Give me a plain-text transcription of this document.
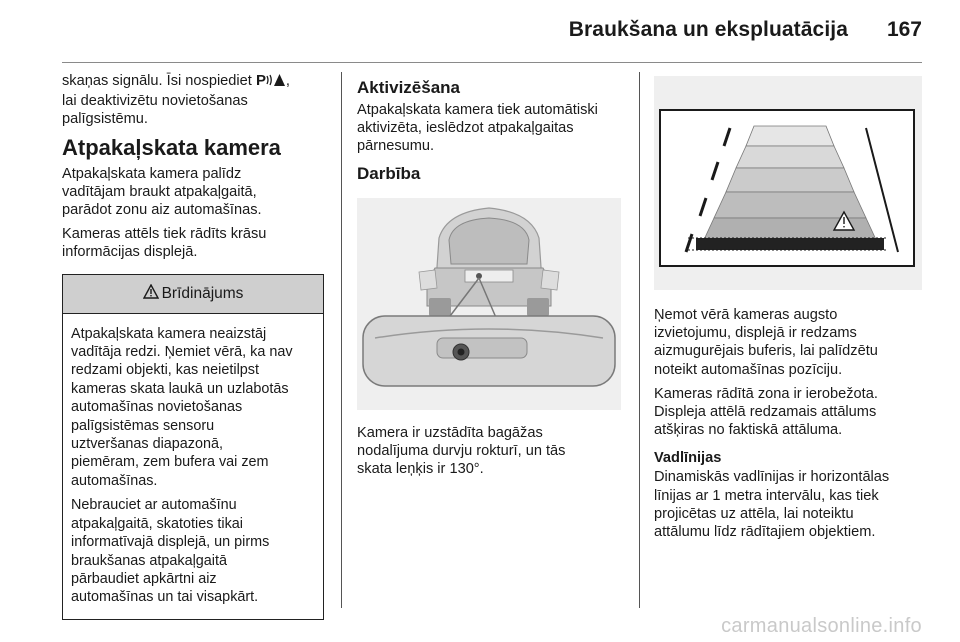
Braukšana un ekspluatācija 167

skaņas signālu. Īsi nospiediet P ,
lai deaktivizētu novietošanas
palīgsistēmu.

Atpakaļskata kamera

Atpakaļskata kamera palīdz
vadītājam braukt atpakaļgaitā,
parādot zonu aiz automašīnas.

Kameras attēls tiek rādīts krāsu
informācijas displejā.

Brīdinājums

Atpakaļskata kamera neaizstāj
vadītāja redzi. Ņemiet vērā, ka nav
redzami objekti, kas neietilpst
kameras skata laukā un uzlabotās
automašīnas novietošanas
palīgsistēmas sensoru
uztveršanas diapazonā,
piemēram, zem bufera vai zem
automašīnas.

Nebrauciet ar automašīnu
atpakaļgaitā, skatoties tikai
informatīvajā displejā, un pirms
braukšanas atpakaļgaitā
pārbaudiet apkārtni aiz
automašīnas un tai visapkārt.

Aktivizēšana

Atpakaļskata kamera tiek automātiski
aktivizēta, ieslēdzot atpakaļgaitas
pārnesumu.

Darbība

Kamera ir uzstādīta bagāžas
nodalījuma durvju rokturī, un tās
skata leņķis ir 130°.

Ņemot vērā kameras augsto
izvietojumu, displejā ir redzams
aizmugurējais buferis, lai palīdzētu
noteikt automašīnas pozīciju.

Kameras rādītā zona ir ierobežota.
Displeja attēlā redzamais attālums
atšķiras no faktiskā attāluma.

Vadlīnijas

Dinamiskās vadlīnijas ir horizontālas
līnijas ar 1 metra intervālu, kas tiek
projicētas uz attēla, lai noteiktu
attālumu līdz rādītajiem objektiem.

carmanualsonline.info
